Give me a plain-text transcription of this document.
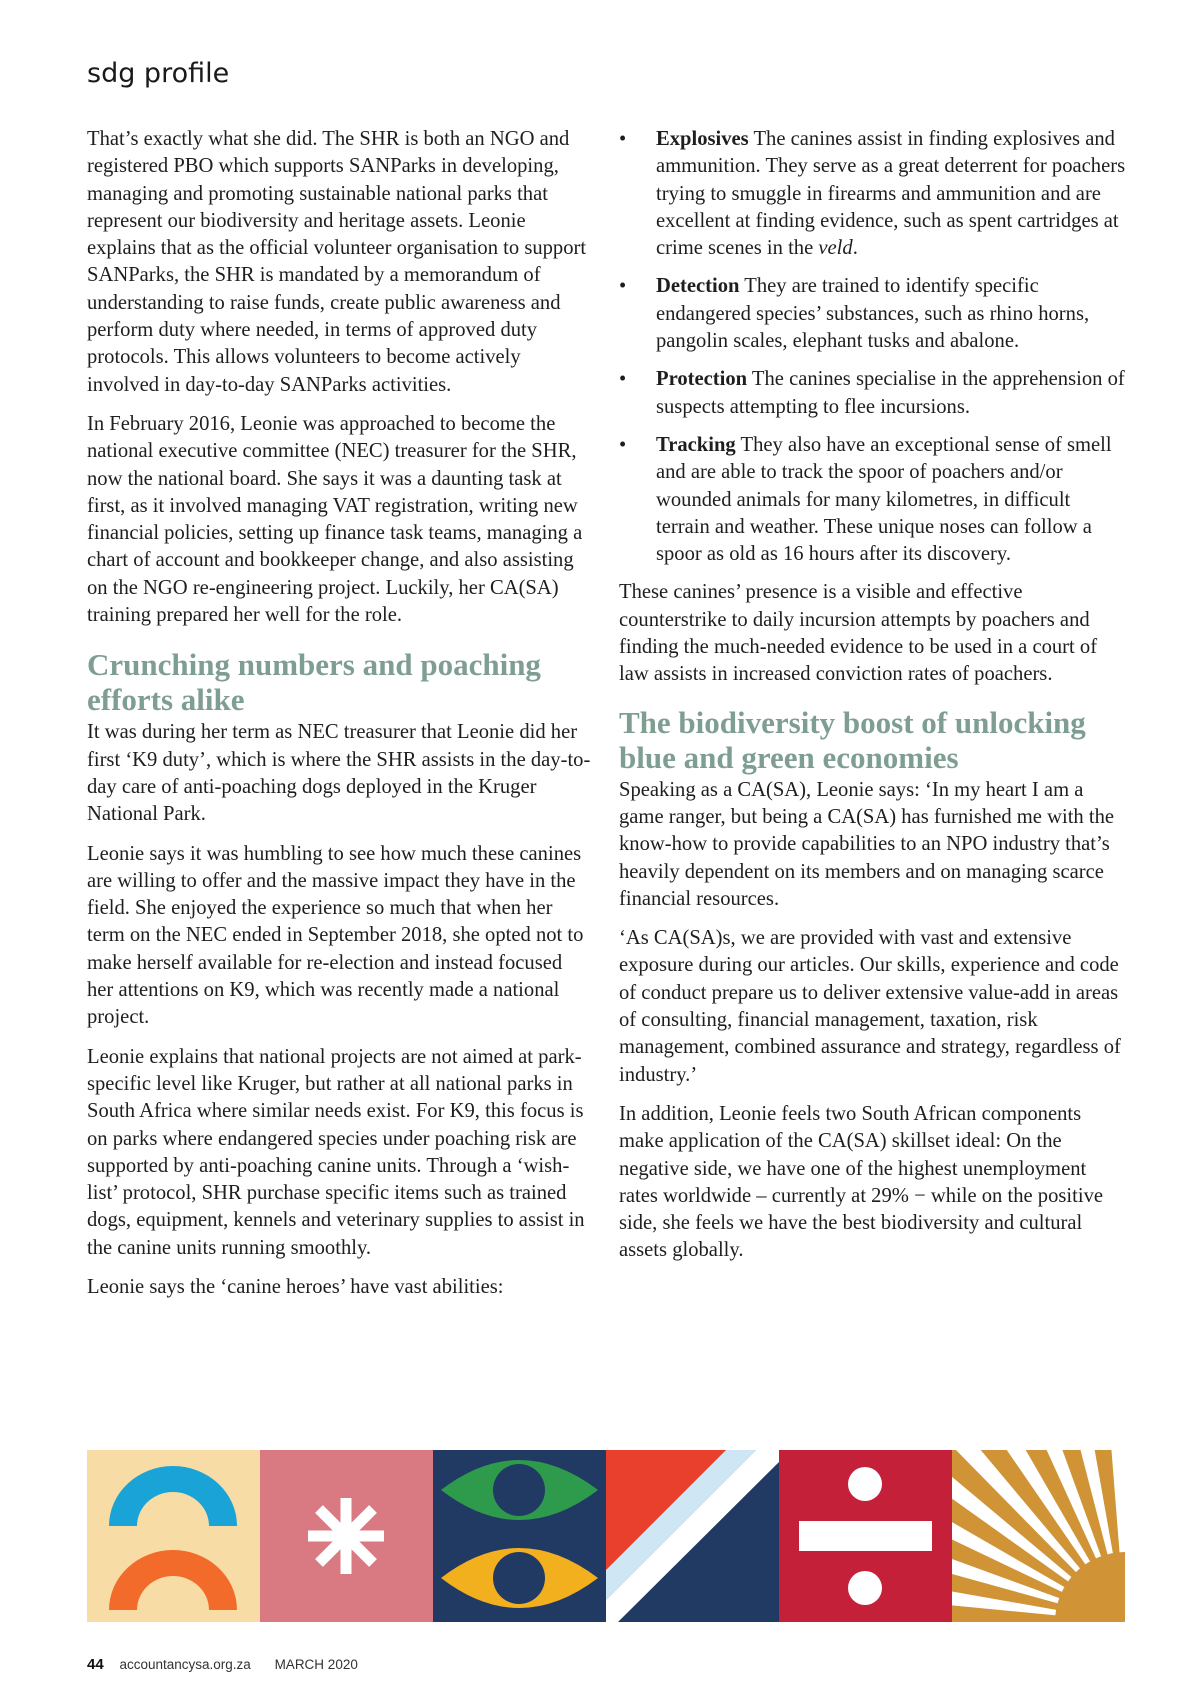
sdg profile

That’s exactly what she did. The SHR is both an NGO and registered PBO which supports SANParks in developing, managing and promoting sustainable national parks that represent our biodiversity and heritage assets. Leonie explains that as the official volunteer organisation to support SANParks, the SHR is mandated by a memorandum of understanding to raise funds, create public awareness and perform duty where needed, in terms of approved duty protocols. This allows volunteers to become actively involved in day-to-day SANParks activities.

In February 2016, Leonie was approached to become the national executive committee (NEC) treasurer for the SHR, now the national board. She says it was a daunting task at first, as it involved managing VAT registration, writing new financial policies, setting up finance task teams, managing a chart of account and bookkeeper change, and also assisting on the NGO re-engineering project. Luckily, her CA(SA) training prepared her well for the role.

Crunching numbers and poaching efforts alike

It was during her term as NEC treasurer that Leonie did her first ‘K9 duty’, which is where the SHR assists in the day-to-day care of anti-poaching dogs deployed in the Kruger National Park.

Leonie says it was humbling to see how much these canines are willing to offer and the massive impact they have in the field. She enjoyed the experience so much that when her term on the NEC ended in September 2018, she opted not to make herself available for re-election and instead focused her attentions on K9, which was recently made a national project.

Leonie explains that national projects are not aimed at park-specific level like Kruger, but rather at all national parks in South Africa where similar needs exist. For K9, this focus is on parks where endangered species under poaching risk are supported by anti-poaching canine units. Through a ‘wish-list’ protocol, SHR purchase specific items such as trained dogs, equipment, kennels and veterinary supplies to assist in the canine units running smoothly.

Leonie says the ‘canine heroes’ have vast abilities:

• Explosives The canines assist in finding explosives and ammunition. They serve as a great deterrent for poachers trying to smuggle in firearms and ammunition and are excellent at finding evidence, such as spent cartridges at crime scenes in the veld.
• Detection They are trained to identify specific endangered species’ substances, such as rhino horns, pangolin scales, elephant tusks and abalone.
• Protection The canines specialise in the apprehension of suspects attempting to flee incursions.
• Tracking They also have an exceptional sense of smell and are able to track the spoor of poachers and/or wounded animals for many kilometres, in difficult terrain and weather. These unique noses can follow a spoor as old as 16 hours after its discovery.

These canines’ presence is a visible and effective counterstrike to daily incursion attempts by poachers and finding the much-needed evidence to be used in a court of law assists in increased conviction rates of poachers.

The biodiversity boost of unlocking blue and green economies

Speaking as a CA(SA), Leonie says: ‘In my heart I am a game ranger, but being a CA(SA) has furnished me with the know-how to provide capabilities to an NPO industry that’s heavily dependent on its members and on managing scarce financial resources.

‘As CA(SA)s, we are provided with vast and extensive exposure during our articles. Our skills, experience and code of conduct prepare us to deliver extensive value-add in areas of consulting, financial management, taxation, risk management, combined assurance and strategy, regardless of industry.’

In addition, Leonie feels two South African components make application of the CA(SA) skillset ideal: On the negative side, we have one of the highest unemployment rates worldwide – currently at 29% − while on the positive side, she feels we have the best biodiversity and cultural assets globally.

44 accountancysa.org.za MARCH 2020
